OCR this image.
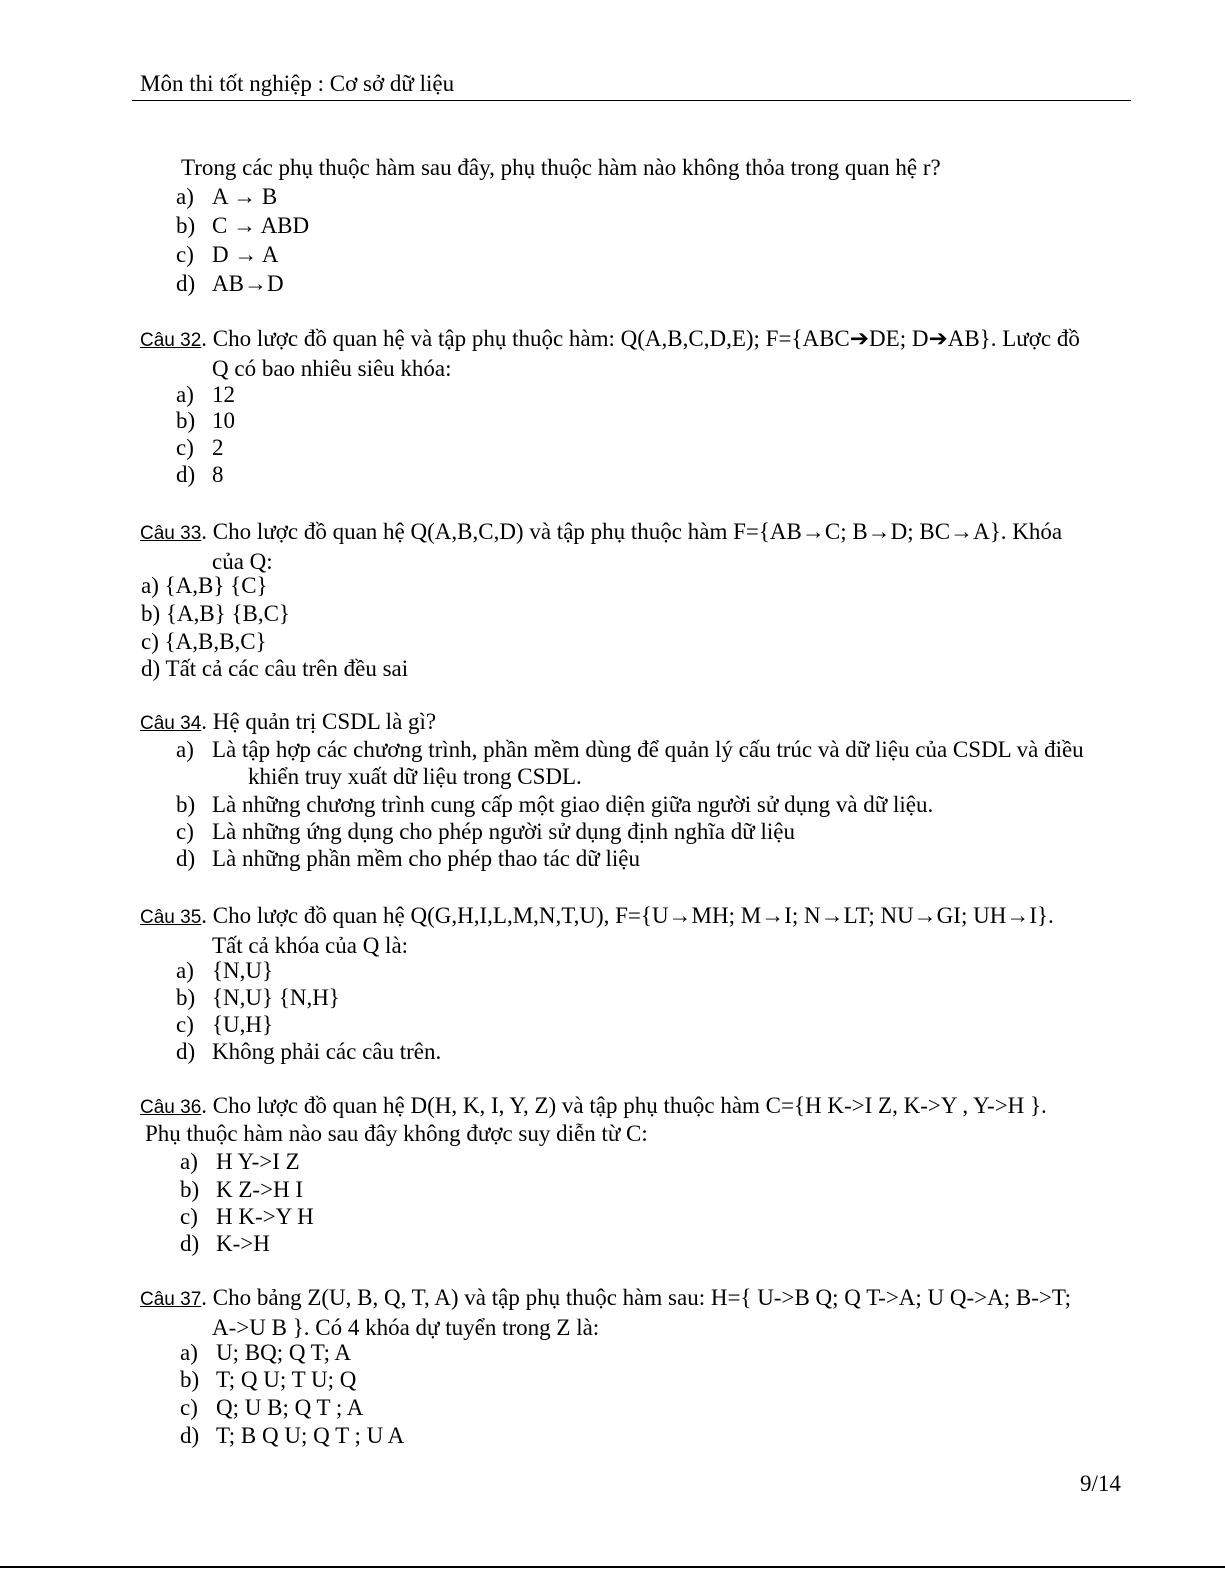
Môn thi tốt nghiệp : Cơ sở dữ liệu
Trong các phụ thuộc hàm sau đây, phụ thuộc hàm nào không thỏa trong quan hệ r?
a) A → B
b) C → ABD
c) D → A
d) AB→D
Câu 32. Cho lược đồ quan hệ và tập phụ thuộc hàm: Q(A,B,C,D,E); F={ABC➔DE; D➔AB}. Lược đồ
Q có bao nhiêu siêu khóa:
a) 12
b) 10
c) 2
d) 8
Câu 33. Cho lược đồ quan hệ Q(A,B,C,D) và tập phụ thuộc hàm F={AB→C; B→D; BC→A}. Khóa
của Q:
a) {A,B} {C}
b) {A,B} {B,C}
c) {A,B,B,C}
d) Tất cả các câu trên đều sai
Câu 34. Hệ quản trị CSDL là gì?
a) Là tập hợp các chương trình, phần mềm dùng để quản lý cấu trúc và dữ liệu của CSDL và điều
khiển truy xuất dữ liệu trong CSDL.
b) Là những chương trình cung cấp một giao diện giữa người sử dụng và dữ liệu.
c) Là những ứng dụng cho phép người sử dụng định nghĩa dữ liệu
d) Là những phần mềm cho phép thao tác dữ liệu
Câu 35. Cho lược đồ quan hệ Q(G,H,I,L,M,N,T,U), F={U→MH; M→I; N→LT; NU→GI; UH→I}.
Tất cả khóa của Q là:
a) {N,U}
b) {N,U} {N,H}
c) {U,H}
d) Không phải các câu trên.
Câu 36. Cho lược đồ quan hệ D(H, K, I, Y, Z) và tập phụ thuộc hàm C={H K->I Z, K->Y , Y->H }.
Phụ thuộc hàm nào sau đây không được suy diễn từ C:
a) H Y->I Z
b) K Z->H I
c) H K->Y H
d) K->H
Câu 37. Cho bảng Z(U, B, Q, T, A) và tập phụ thuộc hàm sau: H={ U->B Q; Q T->A; U Q->A; B->T;
A->U B }. Có 4 khóa dự tuyển trong Z là:
a) U; BQ; Q T; A
b) T; Q U; T U; Q
c) Q; U B; Q T ; A
d) T; B Q U; Q T ; U A
9/14
